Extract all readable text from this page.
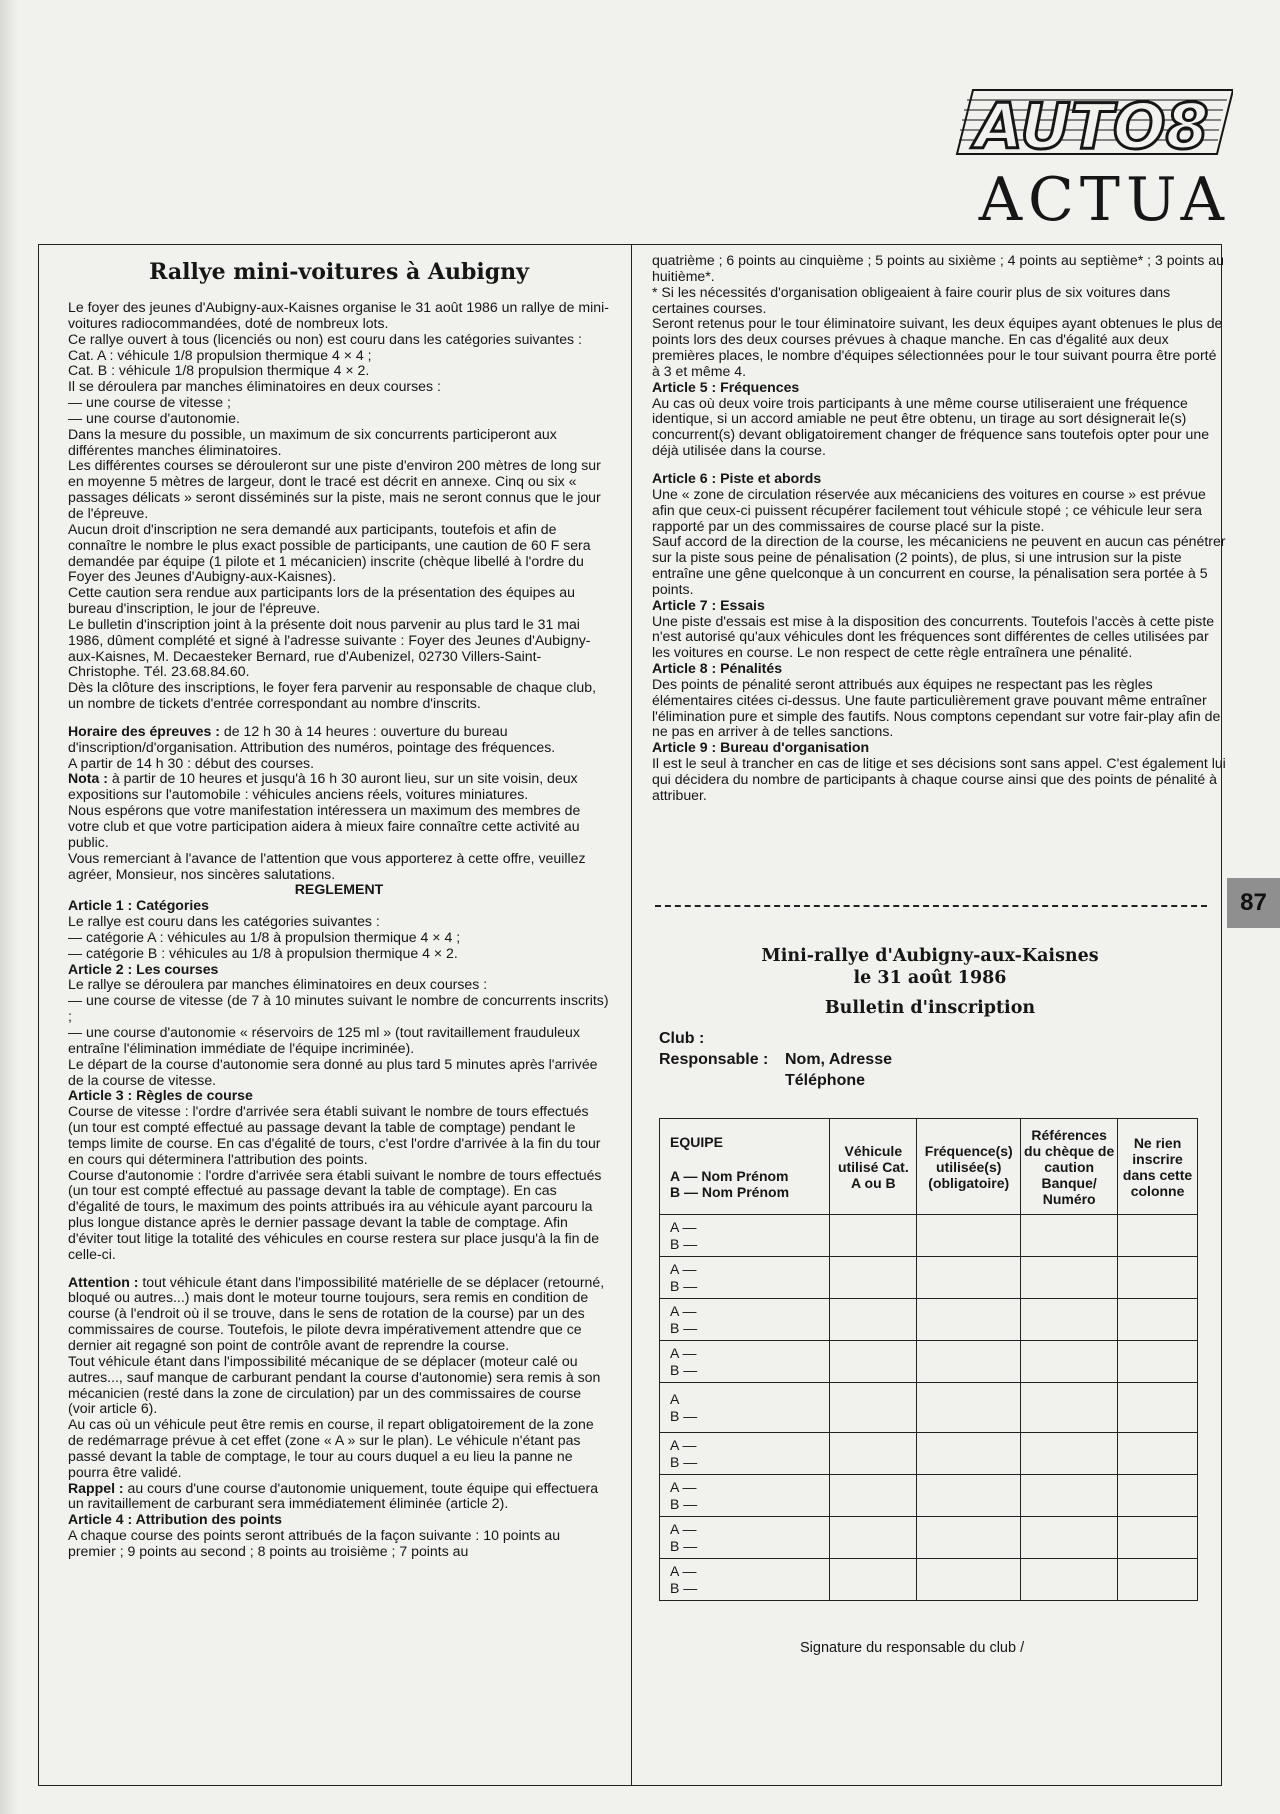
AUTO8
ACTUA

Rallye mini-voitures à Aubigny

Le foyer des jeunes d'Aubigny-aux-Kaisnes organise le 31 août 1986 un rallye de mini-voitures radiocommandées, doté de nombreux lots.

Ce rallye ouvert à tous (licenciés ou non) est couru dans les catégories suivantes :

Cat. A : véhicule 1/8 propulsion thermique 4 × 4 ;

Cat. B : véhicule 1/8 propulsion thermique 4 × 2.

Il se déroulera par manches éliminatoires en deux courses :

— une course de vitesse ;

— une course d'autonomie.

Dans la mesure du possible, un maximum de six concurrents participeront aux différentes manches éliminatoires.

Les différentes courses se dérouleront sur une piste d'environ 200 mètres de long sur en moyenne 5 mètres de largeur, dont le tracé est décrit en annexe. Cinq ou six « passages délicats » seront disséminés sur la piste, mais ne seront connus que le jour de l'épreuve.

Aucun droit d'inscription ne sera demandé aux participants, toutefois et afin de connaître le nombre le plus exact possible de participants, une caution de 60 F sera demandée par équipe (1 pilote et 1 mécanicien) inscrite (chèque libellé à l'ordre du Foyer des Jeunes d'Aubigny-aux-Kaisnes).

Cette caution sera rendue aux participants lors de la présentation des équipes au bureau d'inscription, le jour de l'épreuve.

Le bulletin d'inscription joint à la présente doit nous parvenir au plus tard le 31 mai 1986, dûment complété et signé à l'adresse suivante : Foyer des Jeunes d'Aubigny-aux-Kaisnes, M. Decaesteker Bernard, rue d'Aubenizel, 02730 Villers-Saint-Christophe. Tél. 23.68.84.60.

Dès la clôture des inscriptions, le foyer fera parvenir au responsable de chaque club, un nombre de tickets d'entrée correspondant au nombre d'inscrits.

Horaire des épreuves : de 12 h 30 à 14 heures : ouverture du bureau d'inscription/d'organisation. Attribution des numéros, pointage des fréquences.

A partir de 14 h 30 : début des courses.

Nota : à partir de 10 heures et jusqu'à 16 h 30 auront lieu, sur un site voisin, deux expositions sur l'automobile : véhicules anciens réels, voitures miniatures.

Nous espérons que votre manifestation intéressera un maximum des membres de votre club et que votre participation aidera à mieux faire connaître cette activité au public.

Vous remerciant à l'avance de l'attention que vous apporterez à cette offre, veuillez agréer, Monsieur, nos sincères salutations.

REGLEMENT

Article 1 : Catégories

Le rallye est couru dans les catégories suivantes :

— catégorie A : véhicules au 1/8 à propulsion thermique 4 × 4 ;

— catégorie B : véhicules au 1/8 à propulsion thermique 4 × 2.

Article 2 : Les courses

Le rallye se déroulera par manches éliminatoires en deux courses :

— une course de vitesse (de 7 à 10 minutes suivant le nombre de concurrents inscrits) ;

— une course d'autonomie « réservoirs de 125 ml » (tout ravitaillement frauduleux entraîne l'élimination immédiate de l'équipe incriminée).

Le départ de la course d'autonomie sera donné au plus tard 5 minutes après l'arrivée de la course de vitesse.

Article 3 : Règles de course

Course de vitesse : l'ordre d'arrivée sera établi suivant le nombre de tours effectués (un tour est compté effectué au passage devant la table de comptage) pendant le temps limite de course. En cas d'égalité de tours, c'est l'ordre d'arrivée à la fin du tour en cours qui déterminera l'attribution des points.

Course d'autonomie : l'ordre d'arrivée sera établi suivant le nombre de tours effectués (un tour est compté effectué au passage devant la table de comptage). En cas d'égalité de tours, le maximum des points attribués ira au véhicule ayant parcouru la plus longue distance après le dernier passage devant la table de comptage. Afin d'éviter tout litige la totalité des véhicules en course restera sur place jusqu'à la fin de celle-ci.

Attention : tout véhicule étant dans l'impossibilité matérielle de se déplacer (retourné, bloqué ou autres...) mais dont le moteur tourne toujours, sera remis en condition de course (à l'endroit où il se trouve, dans le sens de rotation de la course) par un des commissaires de course. Toutefois, le pilote devra impérativement attendre que ce dernier ait regagné son point de contrôle avant de reprendre la course.

Tout véhicule étant dans l'impossibilité mécanique de se déplacer (moteur calé ou autres..., sauf manque de carburant pendant la course d'autonomie) sera remis à son mécanicien (resté dans la zone de circulation) par un des commissaires de course (voir article 6).

Au cas où un véhicule peut être remis en course, il repart obligatoirement de la zone de redémarrage prévue à cet effet (zone « A » sur le plan). Le véhicule n'étant pas passé devant la table de comptage, le tour au cours duquel a eu lieu la panne ne pourra être validé.

Rappel : au cours d'une course d'autonomie uniquement, toute équipe qui effectuera un ravitaillement de carburant sera immédiatement éliminée (article 2).

Article 4 : Attribution des points

A chaque course des points seront attribués de la façon suivante : 10 points au premier ; 9 points au second ; 8 points au troisième ; 7 points au

quatrième ; 6 points au cinquième ; 5 points au sixième ; 4 points au septième* ; 3 points au huitième*.

* Si les nécessités d'organisation obligeaient à faire courir plus de six voitures dans certaines courses.

Seront retenus pour le tour éliminatoire suivant, les deux équipes ayant obtenues le plus de points lors des deux courses prévues à chaque manche. En cas d'égalité aux deux premières places, le nombre d'équipes sélectionnées pour le tour suivant pourra être porté à 3 et même 4.

Article 5 : Fréquences

Au cas où deux voire trois participants à une même course utiliseraient une fréquence identique, si un accord amiable ne peut être obtenu, un tirage au sort désignerait le(s) concurrent(s) devant obligatoirement changer de fréquence sans toutefois opter pour une déjà utilisée dans la course.

Article 6 : Piste et abords

Une « zone de circulation réservée aux mécaniciens des voitures en course » est prévue afin que ceux-ci puissent récupérer facilement tout véhicule stopé ; ce véhicule leur sera rapporté par un des commissaires de course placé sur la piste.

Sauf accord de la direction de la course, les mécaniciens ne peuvent en aucun cas pénétrer sur la piste sous peine de pénalisation (2 points), de plus, si une intrusion sur la piste entraîne une gêne quelconque à un concurrent en course, la pénalisation sera portée à 5 points.

Article 7 : Essais

Une piste d'essais est mise à la disposition des concurrents. Toutefois l'accès à cette piste n'est autorisé qu'aux véhicules dont les fréquences sont différentes de celles utilisées par les voitures en course. Le non respect de cette règle entraînera une pénalité.

Article 8 : Pénalités

Des points de pénalité seront attribués aux équipes ne respectant pas les règles élémentaires citées ci-dessus. Une faute particulièrement grave pouvant même entraîner l'élimination pure et simple des fautifs. Nous comptons cependant sur votre fair-play afin de ne pas en arriver à de telles sanctions.

Article 9 : Bureau d'organisation

Il est le seul à trancher en cas de litige et ses décisions sont sans appel. C'est également lui qui décidera du nombre de participants à chaque course ainsi que des points de pénalité à attribuer.

87
Mini-rallye d'Aubigny-aux-Kaisnes
le 31 août 1986
Bulletin d'inscription
Club :
Responsable :	Nom, Adresse
Téléphone
EQUIPE
A — Nom Prénom
B — Nom Prénom	Véhicule utilisé Cat. A ou B	Fréquence(s) utilisée(s) (obligatoire)	Références du chèque de caution Banque/ Numéro	Ne rien inscrire dans cette colonne

A —
B —				

A —
B —				

A —
B —				

A —
B —				

A
B —				

A —
B —				

A —
B —				

A —
B —				

A —
B —				

Signature du responsable du club /
